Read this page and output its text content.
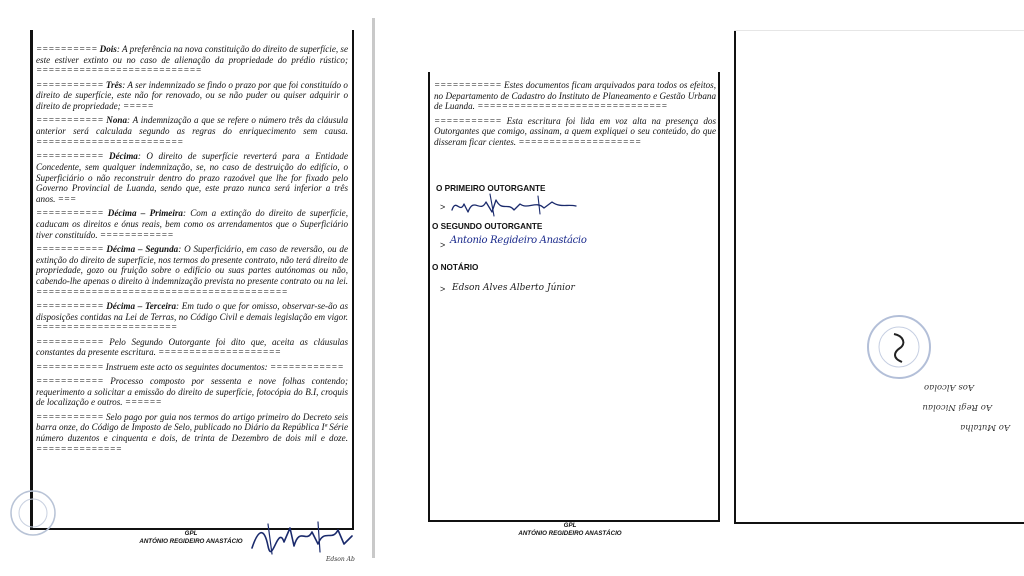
========== Dois: A preferência na nova constituição do direito de superfície, se este estiver extinto ou no caso de alienação da propriedade do prédio rústico; ===========================

=========== Três: A ser indemnizado se findo o prazo por que foi constituído o direito de superfície, este não for renovado, ou se não puder ou quiser adquirir o direito de propriedade; =====

=========== Nona: A indemnização a que se refere o número três da cláusula anterior será calculada segundo as regras do enriquecimento sem causa. ========================

=========== Décima: O direito de superfície reverterá para a Entidade Concedente, sem qualquer indemnização, se, no caso de destruição do edifício, o Superficiário o não reconstruir dentro do prazo razoável que lhe for fixado pelo Governo Provincial de Luanda, sendo que, este prazo nunca será inferior a três anos. ===

=========== Décima – Primeira: Com a extinção do direito de superfície, caducam os direitos e ónus reais, bem como os arrendamentos que o Superficiário tiver constituído. ============

=========== Décima – Segunda: O Superficiário, em caso de reversão, ou de extinção do direito de superfície, nos termos do presente contrato, não terá direito de propriedade, gozo ou fruição sobre o edifício ou suas partes autónomas ou não, cabendo-lhe apenas o direito à indemnização prevista no presente contrato ou na lei. =========================================

=========== Décima – Terceira: Em tudo o que for omisso, observar-se-ão as disposições contidas na Lei de Terras, no Código Civil e demais legislação em vigor. =======================

=========== Pelo Segundo Outorgante foi dito que, aceita as cláusulas constantes da presente escritura. ====================

=========== Instruem este acto os seguintes documentos: ============

=========== Processo composto por sessenta e nove folhas contendo; requerimento a solicitar a emissão do direito de superfície, fotocópia do B.I, croquis de localização e outros. ======

=========== Selo pago por guia nos termos do artigo primeiro do Decreto seis barra onze, do Código de Imposto de Selo, publicado no Diário da República Iª Série número duzentos e cinquenta e dois, de trinta de Dezembro de dois mil e doze. ==============

GPL
ANTÓNIO REGIDEIRO ANASTÁCIO
Edson Ab

=========== Estes documentos ficam arquivados para todos os efeitos, no Departamento de Cadastro do Instituto de Planeamento e Gestão Urbana de Luanda. ===============================

=========== Esta escritura foi lida em voz alta na presença dos Outorgantes que comigo, assinam, a quem expliquei o seu conteúdo, do que disseram ficar cientes. ====================

O PRIMEIRO OUTORGANTE
>
O SEGUNDO OUTORGANTE
> Antonio Regideiro Anastácio
O NOTÁRIO
> Edson Alves Alberto Júnior
GPL
ANTÓNIO REGIDEIRO ANASTÁCIO
Ao Mutalha
Ao Regi Nicolau
Aos Alcolao
